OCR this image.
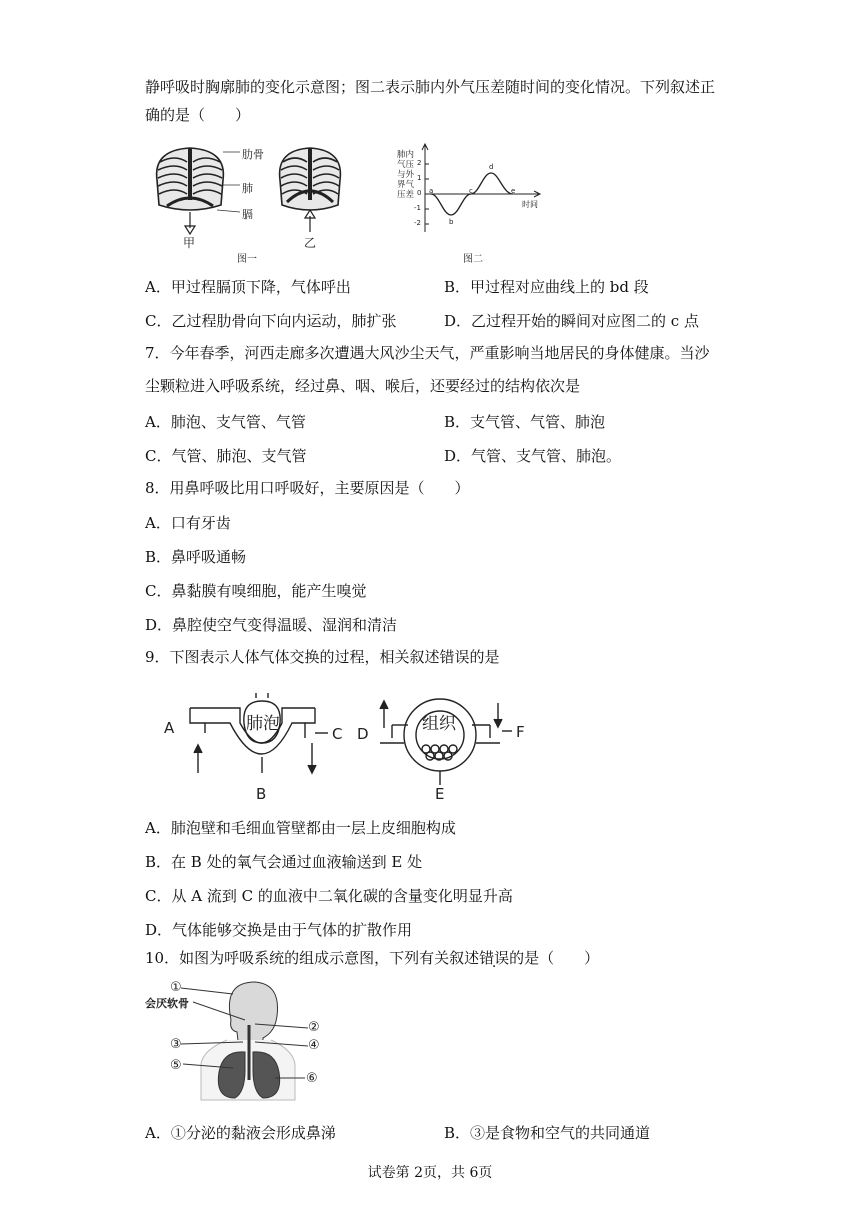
静呼吸时胸廓肺的变化示意图；图二表示肺内外气压差随时间的变化情况。下列叙述正
确的是（　　）
肋骨
肺
膈
甲	乙
图一
肺内气压与外界气压差
2
1
0
-1
-2
a
b
c
d
e
时间
图二
A．甲过程膈顶下降，气体呼出	B．甲过程对应曲线上的 bd 段
C．乙过程肋骨向下向内运动，肺扩张	D．乙过程开始的瞬间对应图二的 c 点
7．今年春季，河西走廊多次遭遇大风沙尘天气，严重影响当地居民的身体健康。当沙
尘颗粒进入呼吸系统，经过鼻、咽、喉后，还要经过的结构依次是
A．肺泡、支气管、气管	B．支气管、气管、肺泡
C．气管、肺泡、支气管	D．气管、支气管、肺泡。
8．用鼻呼吸比用口呼吸好，主要原因是（　　）
A．口有牙齿
B．鼻呼吸通畅
C．鼻黏膜有嗅细胞，能产生嗅觉
D．鼻腔使空气变得温暖、湿润和清洁
9．下图表示人体气体交换的过程，相关叙述错误的是
肺泡	组织
A
B
C D
E
F
A．肺泡壁和毛细血管壁都由一层上皮细胞构成
B．在 B 处的氧气会通过血液输送到 E 处
C．从 A 流到 C 的血液中二氧化碳的含量变化明显升高
D．气体能够交换是由于气体的扩散作用
10．如图为呼吸系统的组成示意图，下列有关叙述错误的是（　　）
①
会厌软骨
②
③	④
⑤
⑥
A．①分泌的黏液会形成鼻涕	B．③是食物和空气的共同通道
试卷第 2页，共 6页
